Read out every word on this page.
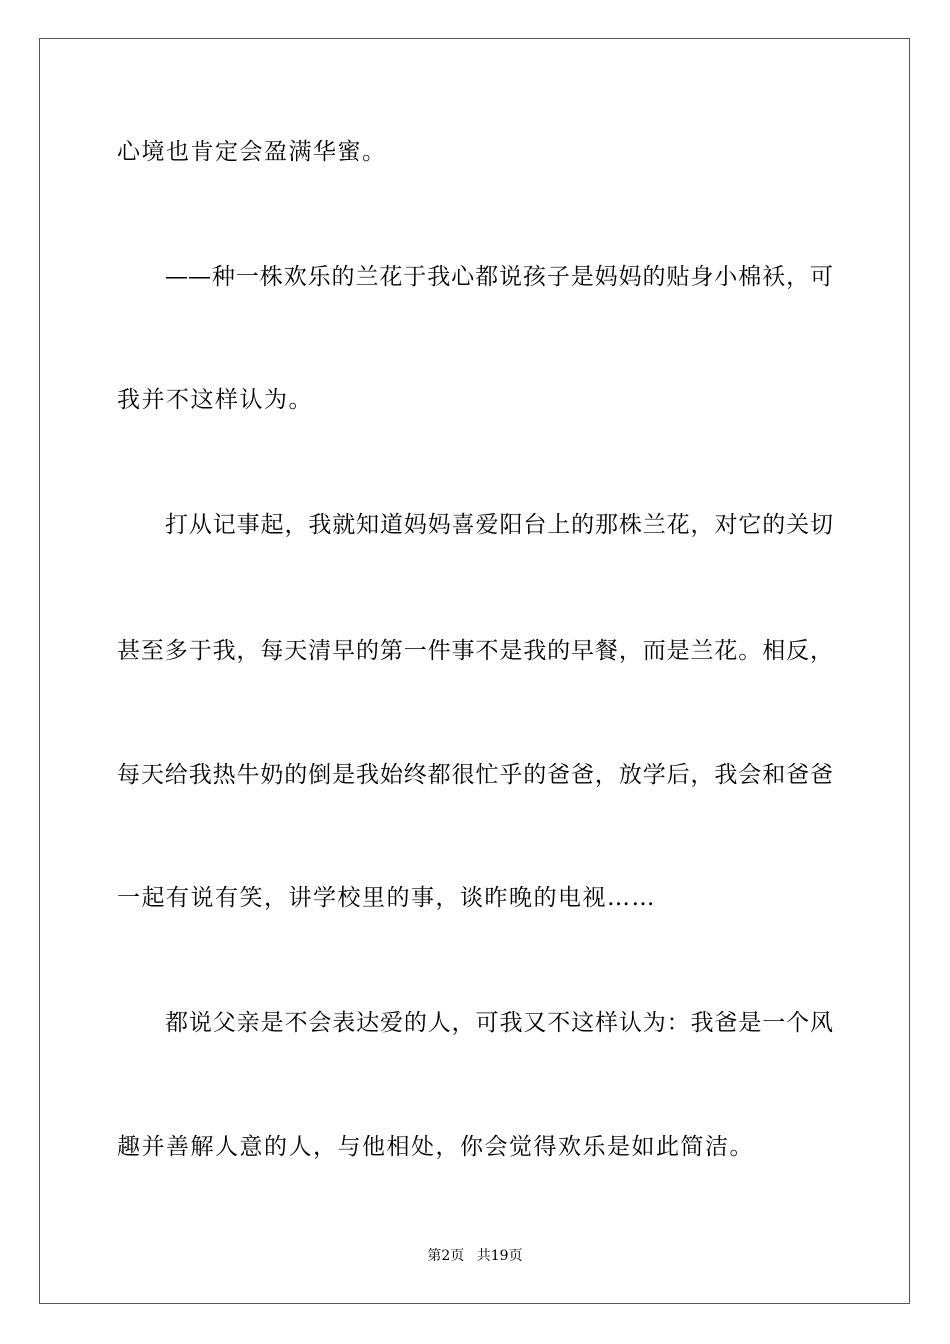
心境也肯定会盈满华蜜。
——种一株欢乐的兰花于我心都说孩子是妈妈的贴身小棉袄，可
我并不这样认为。
打从记事起，我就知道妈妈喜爱阳台上的那株兰花，对它的关切
甚至多于我，每天清早的第一件事不是我的早餐，而是兰花。相反，
每天给我热牛奶的倒是我始终都很忙乎的爸爸，放学后，我会和爸爸
一起有说有笑，讲学校里的事，谈昨晚的电视……
都说父亲是不会表达爱的人，可我又不这样认为：我爸是一个风
趣并善解人意的人，与他相处，你会觉得欢乐是如此简洁。
第2页 共19页
